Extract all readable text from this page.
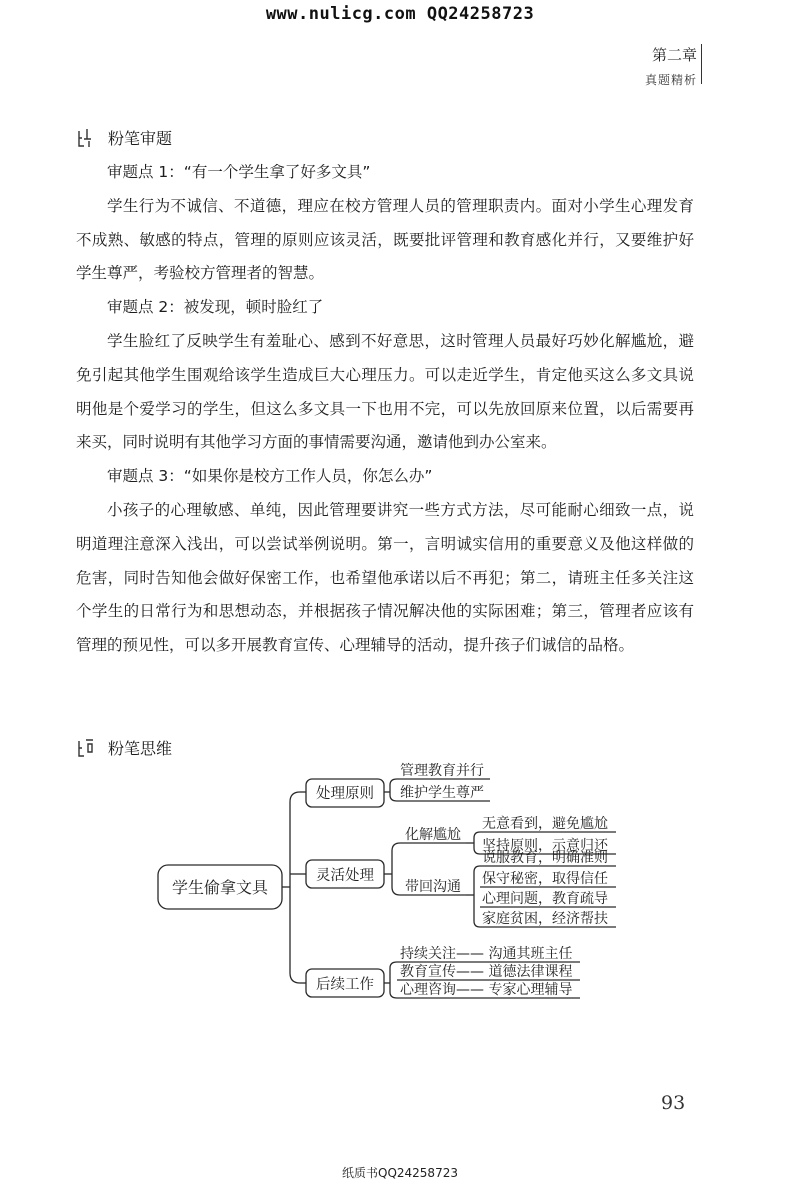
www.nulicg.com QQ24258723
第二章
真题精析
粉笔审题

审题点 1：“有一个学生拿了好多文具”

学生行为不诚信、不道德，理应在校方管理人员的管理职责内。面对小学生心理发育不成熟、敏感的特点，管理的原则应该灵活，既要批评管理和教育感化并行，又要维护好学生尊严，考验校方管理者的智慧。

审题点 2：被发现，顿时脸红了

学生脸红了反映学生有羞耻心、感到不好意思，这时管理人员最好巧妙化解尴尬，避免引起其他学生围观给该学生造成巨大心理压力。可以走近学生，肯定他买这么多文具说明他是个爱学习的学生，但这么多文具一下也用不完，可以先放回原来位置，以后需要再来买，同时说明有其他学习方面的事情需要沟通，邀请他到办公室来。

审题点 3：“如果你是校方工作人员，你怎么办”

小孩子的心理敏感、单纯，因此管理要讲究一些方式方法，尽可能耐心细致一点，说明道理注意深入浅出，可以尝试举例说明。第一，言明诚实信用的重要意义及他这样做的危害，同时告知他会做好保密工作，也希望他承诺以后不再犯；第二，请班主任多关注这个学生的日常行为和思想动态，并根据孩子情况解决他的实际困难；第三，管理者应该有管理的预见性，可以多开展教育宣传、心理辅导的活动，提升孩子们诚信的品格。

粉笔思维
学生偷拿文具
处理原则
管理教育并行
维护学生尊严
灵活处理
化解尴尬
无意看到，避免尴尬
坚持原则，示意归还
带回沟通
说服教育，明确准则
保守秘密，取得信任
心理问题，教育疏导
家庭贫困，经济帮扶
后续工作
持续关注—— 沟通其班主任
教育宣传—— 道德法律课程
心理咨询—— 专家心理辅导
93
纸质书QQ24258723
